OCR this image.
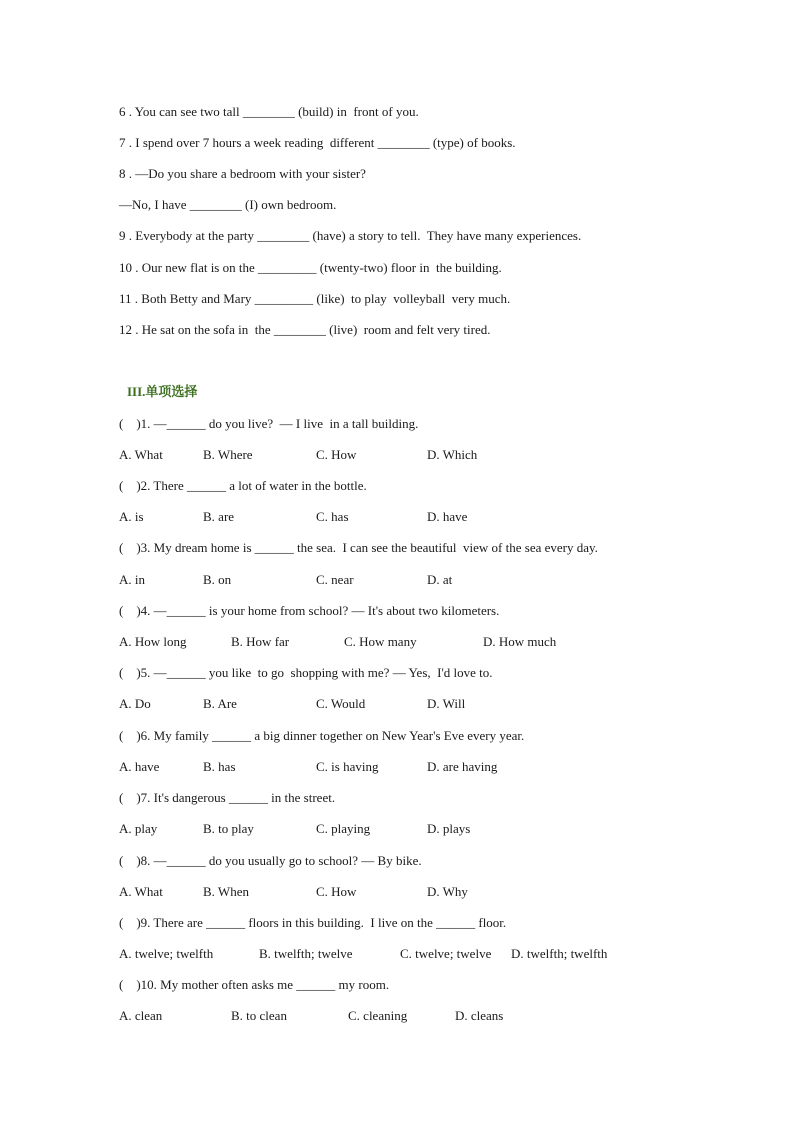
6 . You can see two tall ________ (build) in  front of you.
7 . I spend over 7 hours a week reading  different ________ (type) of books.
8 . —Do you share a bedroom with your sister?
—No, I have ________ (I) own bedroom.
9 . Everybody at the party ________ (have) a story to tell.  They have many experiences.
10 . Our new flat is on the _________ (twenty-two) floor in  the building.
11 . Both Betty and Mary _________ (like)  to play  volleyball  very much.
12 . He sat on the sofa in  the ________ (live)  room and felt very tired.
III.单项选择
(    )1. —______ do you live?  — I live  in a tall building.
A. What	B. Where	C. How	D. Which
(    )2. There ______ a lot of water in the bottle.
A. is	B. are	C. has	D. have
(    )3. My dream home is ______ the sea.  I can see the beautiful  view of the sea every day.
A. in	B. on	C. near	D. at
(    )4. —______ is your home from school? — It's about two kilometers.
A. How long	B. How far	C. How many	D. How much
(    )5. —______ you like  to go  shopping with me? — Yes,  I'd love to.
A. Do	B. Are	C. Would	D. Will
(    )6. My family ______ a big dinner together on New Year's Eve every year.
A. have	B. has	C. is having	D. are having
(    )7. It's dangerous ______ in the street.
A. play	B. to play	C. playing	D. plays
(    )8. —______ do you usually go to school? — By bike.
A. What	B. When	C. How	D. Why
(    )9. There are ______ floors in this building.  I live on the ______ floor.
A. twelve; twelfth	B. twelfth; twelve	C. twelve; twelve D. twelfth; twelfth
(    )10. My mother often asks me ______ my room.
A. clean	B. to clean	C. cleaning	D. cleans
